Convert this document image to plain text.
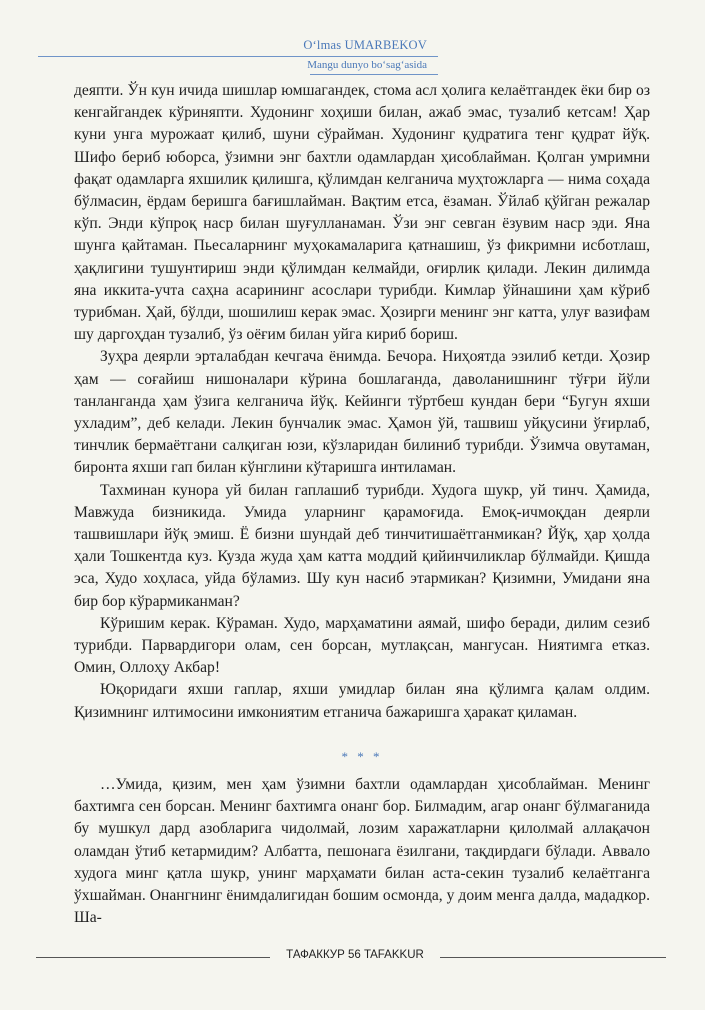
O‘lmas UMARBEKOV
Mangu dunyo bo‘sag‘asida

деяпти. Ўн кун ичида шишлар юмшагандек, стома асл ҳолига келаётгандек ёки бир оз кенгайгандек кўриняпти. Худонинг хоҳиши билан, ажаб эмас, тузалиб кетсам! Ҳар куни унга мурожаат қилиб, шуни сўрайман. Худонинг қудратига тенг қудрат йўқ. Шифо бериб юборса, ўзимни энг бахтли одамлардан ҳисоблайман. Қолган умримни фақат одамларга яхшилик қилишга, қўлимдан келганича муҳтожларга — нима соҳада бўлмасин, ёрдам беришга бағишлайман. Вақтим етса, ёзаман. Ўйлаб қўйган режалар кўп. Энди кўпроқ наср билан шуғулланаман. Ўзи энг севган ёзувим наср эди. Яна шунга қайтаман. Пьесаларнинг муҳокамаларига қатнашиш, ўз фикримни исботлаш, ҳақлигини тушунтириш энди қўлимдан келмайди, оғирлик қилади. Лекин дилимда яна иккита-учта саҳна асарининг асослари турибди. Кимлар ўйнашини ҳам кўриб турибман. Ҳай, бўлди, шошилиш керак эмас. Ҳозирги менинг энг катта, улуғ вазифам шу даргоҳдан тузалиб, ўз оёғим билан уйга кириб бориш.

Зуҳра деярли эрталабдан кечгача ёнимда. Бечора. Ниҳоятда эзилиб кетди. Ҳозир ҳам — соғайиш нишоналари кўрина бошлаганда, даволанишнинг тўғри йўли танланганда ҳам ўзига келганича йўқ. Кейинги тўртбеш кундан бери “Бугун яхши ухладим”, деб келади. Лекин бунчалик эмас. Ҳамон ўй, ташвиш уйқусини ўғирлаб, тинчлик бермаётгани салқиган юзи, кўзларидан билиниб турибди. Ўзимча овутаман, биронта яхши гап билан кўнглини кўтаришга интиламан.

Тахминан кунора уй билан гаплашиб турибди. Худога шукр, уй тинч. Ҳамида, Мавжуда бизникида. Умида уларнинг қарамоғида. Емоқ-ичмоқдан деярли ташвишлари йўқ эмиш. Ё бизни шундай деб тинчитишаётганмикан? Йўқ, ҳар ҳолда ҳали Тошкентда куз. Кузда жуда ҳам катта моддий қийинчиликлар бўлмайди. Қишда эса, Худо хоҳласа, уйда бўламиз. Шу кун насиб этармикан? Қизимни, Умидани яна бир бор кўрармиканман?

Кўришим керак. Кўраман. Худо, марҳаматини аямай, шифо беради, дилим сезиб турибди. Парвардигори олам, сен борсан, мутлақсан, мангусан. Ниятимга етказ. Омин, Оллоҳу Акбар!

Юқоридаги яхши гаплар, яхши умидлар билан яна қўлимга қалам олдим. Қизимнинг илтимосини имкониятим етганича бажаришга ҳаракат қиламан.

* * *

…Умида, қизим, мен ҳам ўзимни бахтли одамлардан ҳисоблайман. Менинг бахтимга сен борсан. Менинг бахтимга онанг бор. Билмадим, агар онанг бўлмаганида бу мушкул дард азобларига чидолмай, лозим харажатларни қилолмай аллақачон оламдан ўтиб кетармидим? Албатта, пешонага ёзилгани, тақдирдаги бўлади. Аввало худога минг қатла шукр, унинг марҳамати билан аста-секин тузалиб келаётганга ўхшайман. Онангнинг ёнимдалигидан бошим осмонда, у доим менга далда, мададкор. Ша-

ТАФАККУР 56 TAFAKKUR
